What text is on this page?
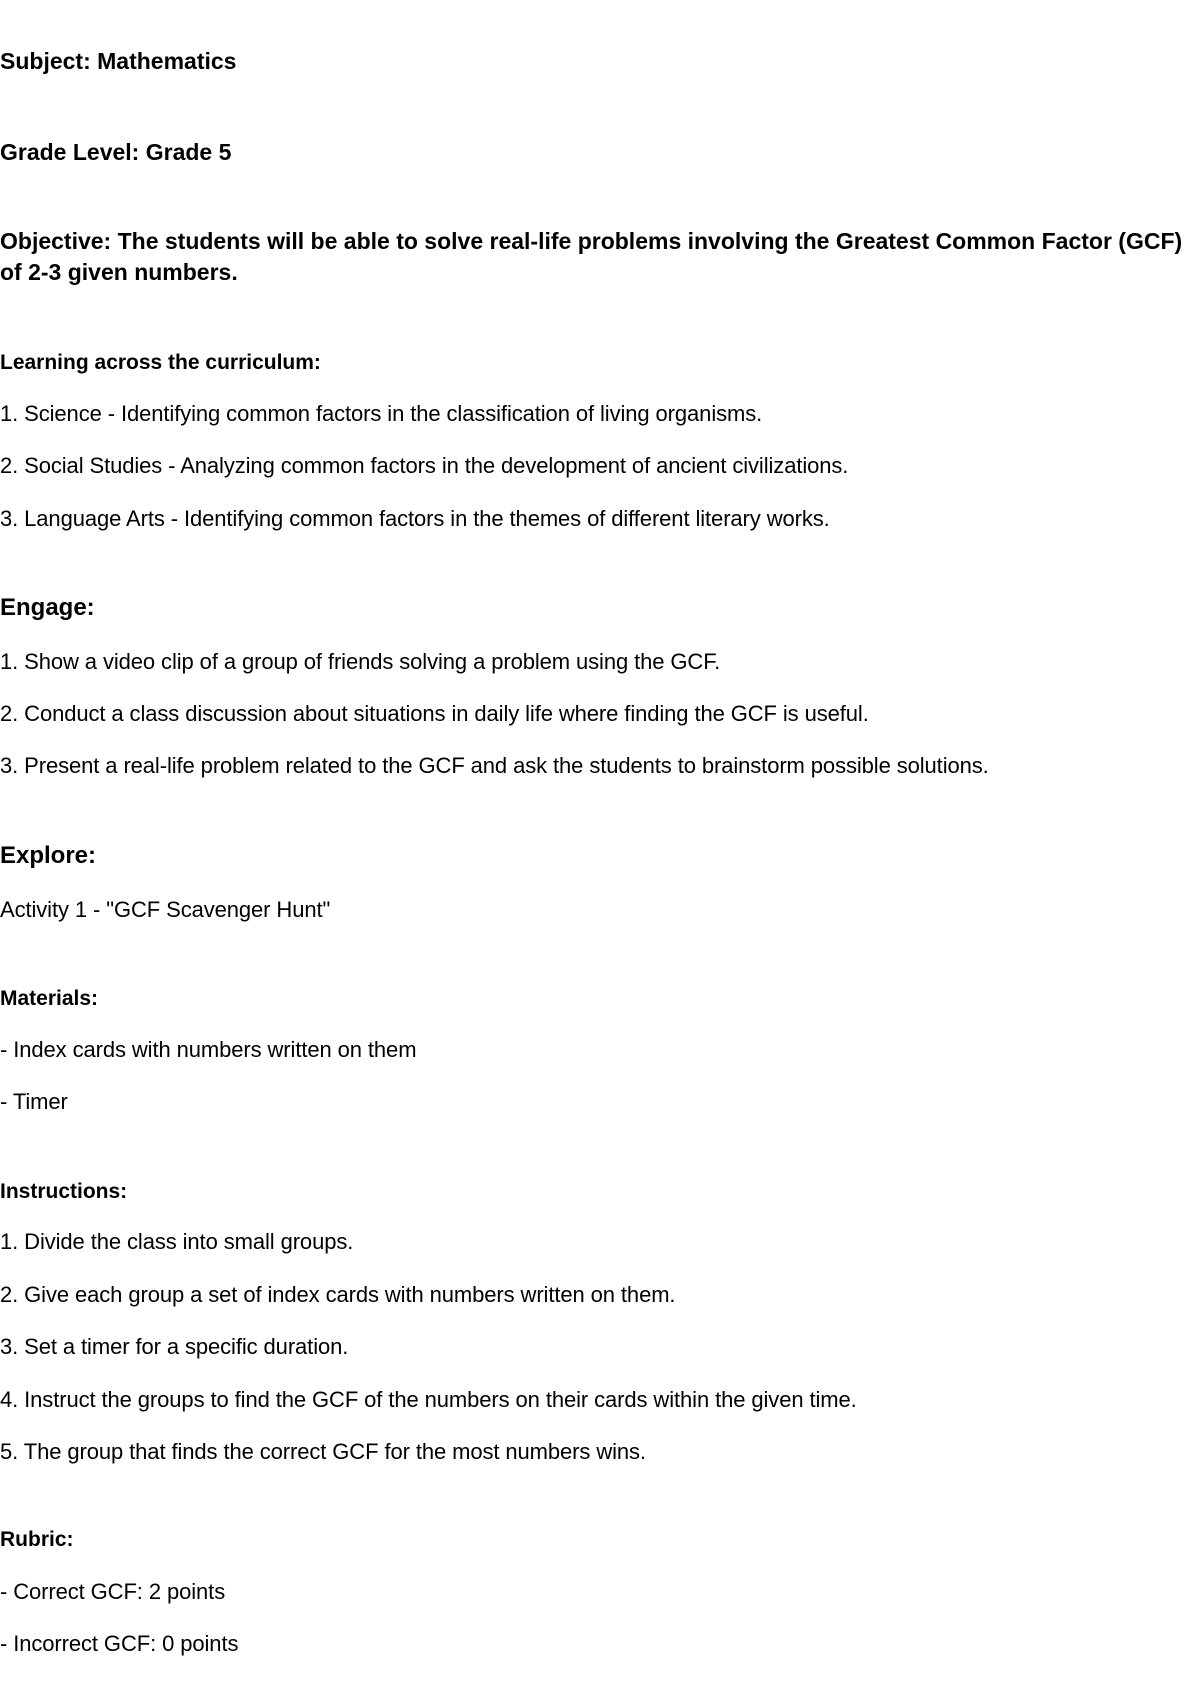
Subject: Mathematics

Grade Level: Grade 5

Objective: The students will be able to solve real-life problems involving the Greatest Common Factor (GCF) of 2-3 given numbers.

Learning across the curriculum:

1. Science - Identifying common factors in the classification of living organisms.

2. Social Studies - Analyzing common factors in the development of ancient civilizations.

3. Language Arts - Identifying common factors in the themes of different literary works.

Engage:

1. Show a video clip of a group of friends solving a problem using the GCF.

2. Conduct a class discussion about situations in daily life where finding the GCF is useful.

3. Present a real-life problem related to the GCF and ask the students to brainstorm possible solutions.

Explore:

Activity 1 - "GCF Scavenger Hunt"

Materials:

- Index cards with numbers written on them

- Timer

Instructions:

1. Divide the class into small groups.

2. Give each group a set of index cards with numbers written on them.

3. Set a timer for a specific duration.

4. Instruct the groups to find the GCF of the numbers on their cards within the given time.

5. The group that finds the correct GCF for the most numbers wins.

Rubric:

- Correct GCF: 2 points

- Incorrect GCF: 0 points
